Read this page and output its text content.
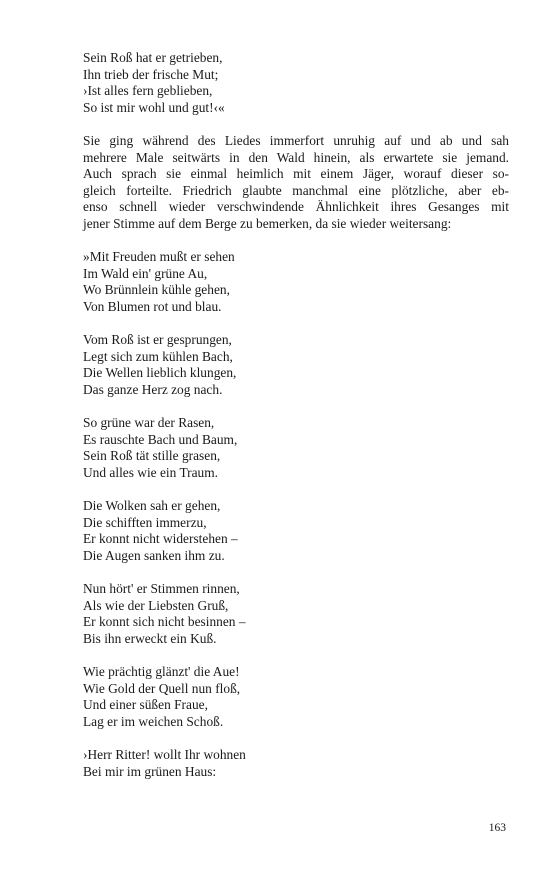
Sein Roß hat er getrieben,
Ihn trieb der frische Mut;
›Ist alles fern geblieben,
So ist mir wohl und gut!‹«
Sie ging während des Liedes immerfort unruhig auf und ab und sah
mehrere Male seitwärts in den Wald hinein, als erwartete sie jemand.
Auch sprach sie einmal heimlich mit einem Jäger, worauf dieser so-
gleich forteilte. Friedrich glaubte manchmal eine plötzliche, aber eb-
enso schnell wieder verschwindende Ähnlichkeit ihres Gesanges mit
jener Stimme auf dem Berge zu bemerken, da sie wieder weitersang:
»Mit Freuden mußt er sehen
Im Wald ein' grüne Au,
Wo Brünnlein kühle gehen,
Von Blumen rot und blau.
Vom Roß ist er gesprungen,
Legt sich zum kühlen Bach,
Die Wellen lieblich klungen,
Das ganze Herz zog nach.
So grüne war der Rasen,
Es rauschte Bach und Baum,
Sein Roß tät stille grasen,
Und alles wie ein Traum.
Die Wolken sah er gehen,
Die schifften immerzu,
Er konnt nicht widerstehen –
Die Augen sanken ihm zu.
Nun hört' er Stimmen rinnen,
Als wie der Liebsten Gruß,
Er konnt sich nicht besinnen –
Bis ihn erweckt ein Kuß.
Wie prächtig glänzt' die Aue!
Wie Gold der Quell nun floß,
Und einer süßen Fraue,
Lag er im weichen Schoß.
›Herr Ritter! wollt Ihr wohnen
Bei mir im grünen Haus:
163
